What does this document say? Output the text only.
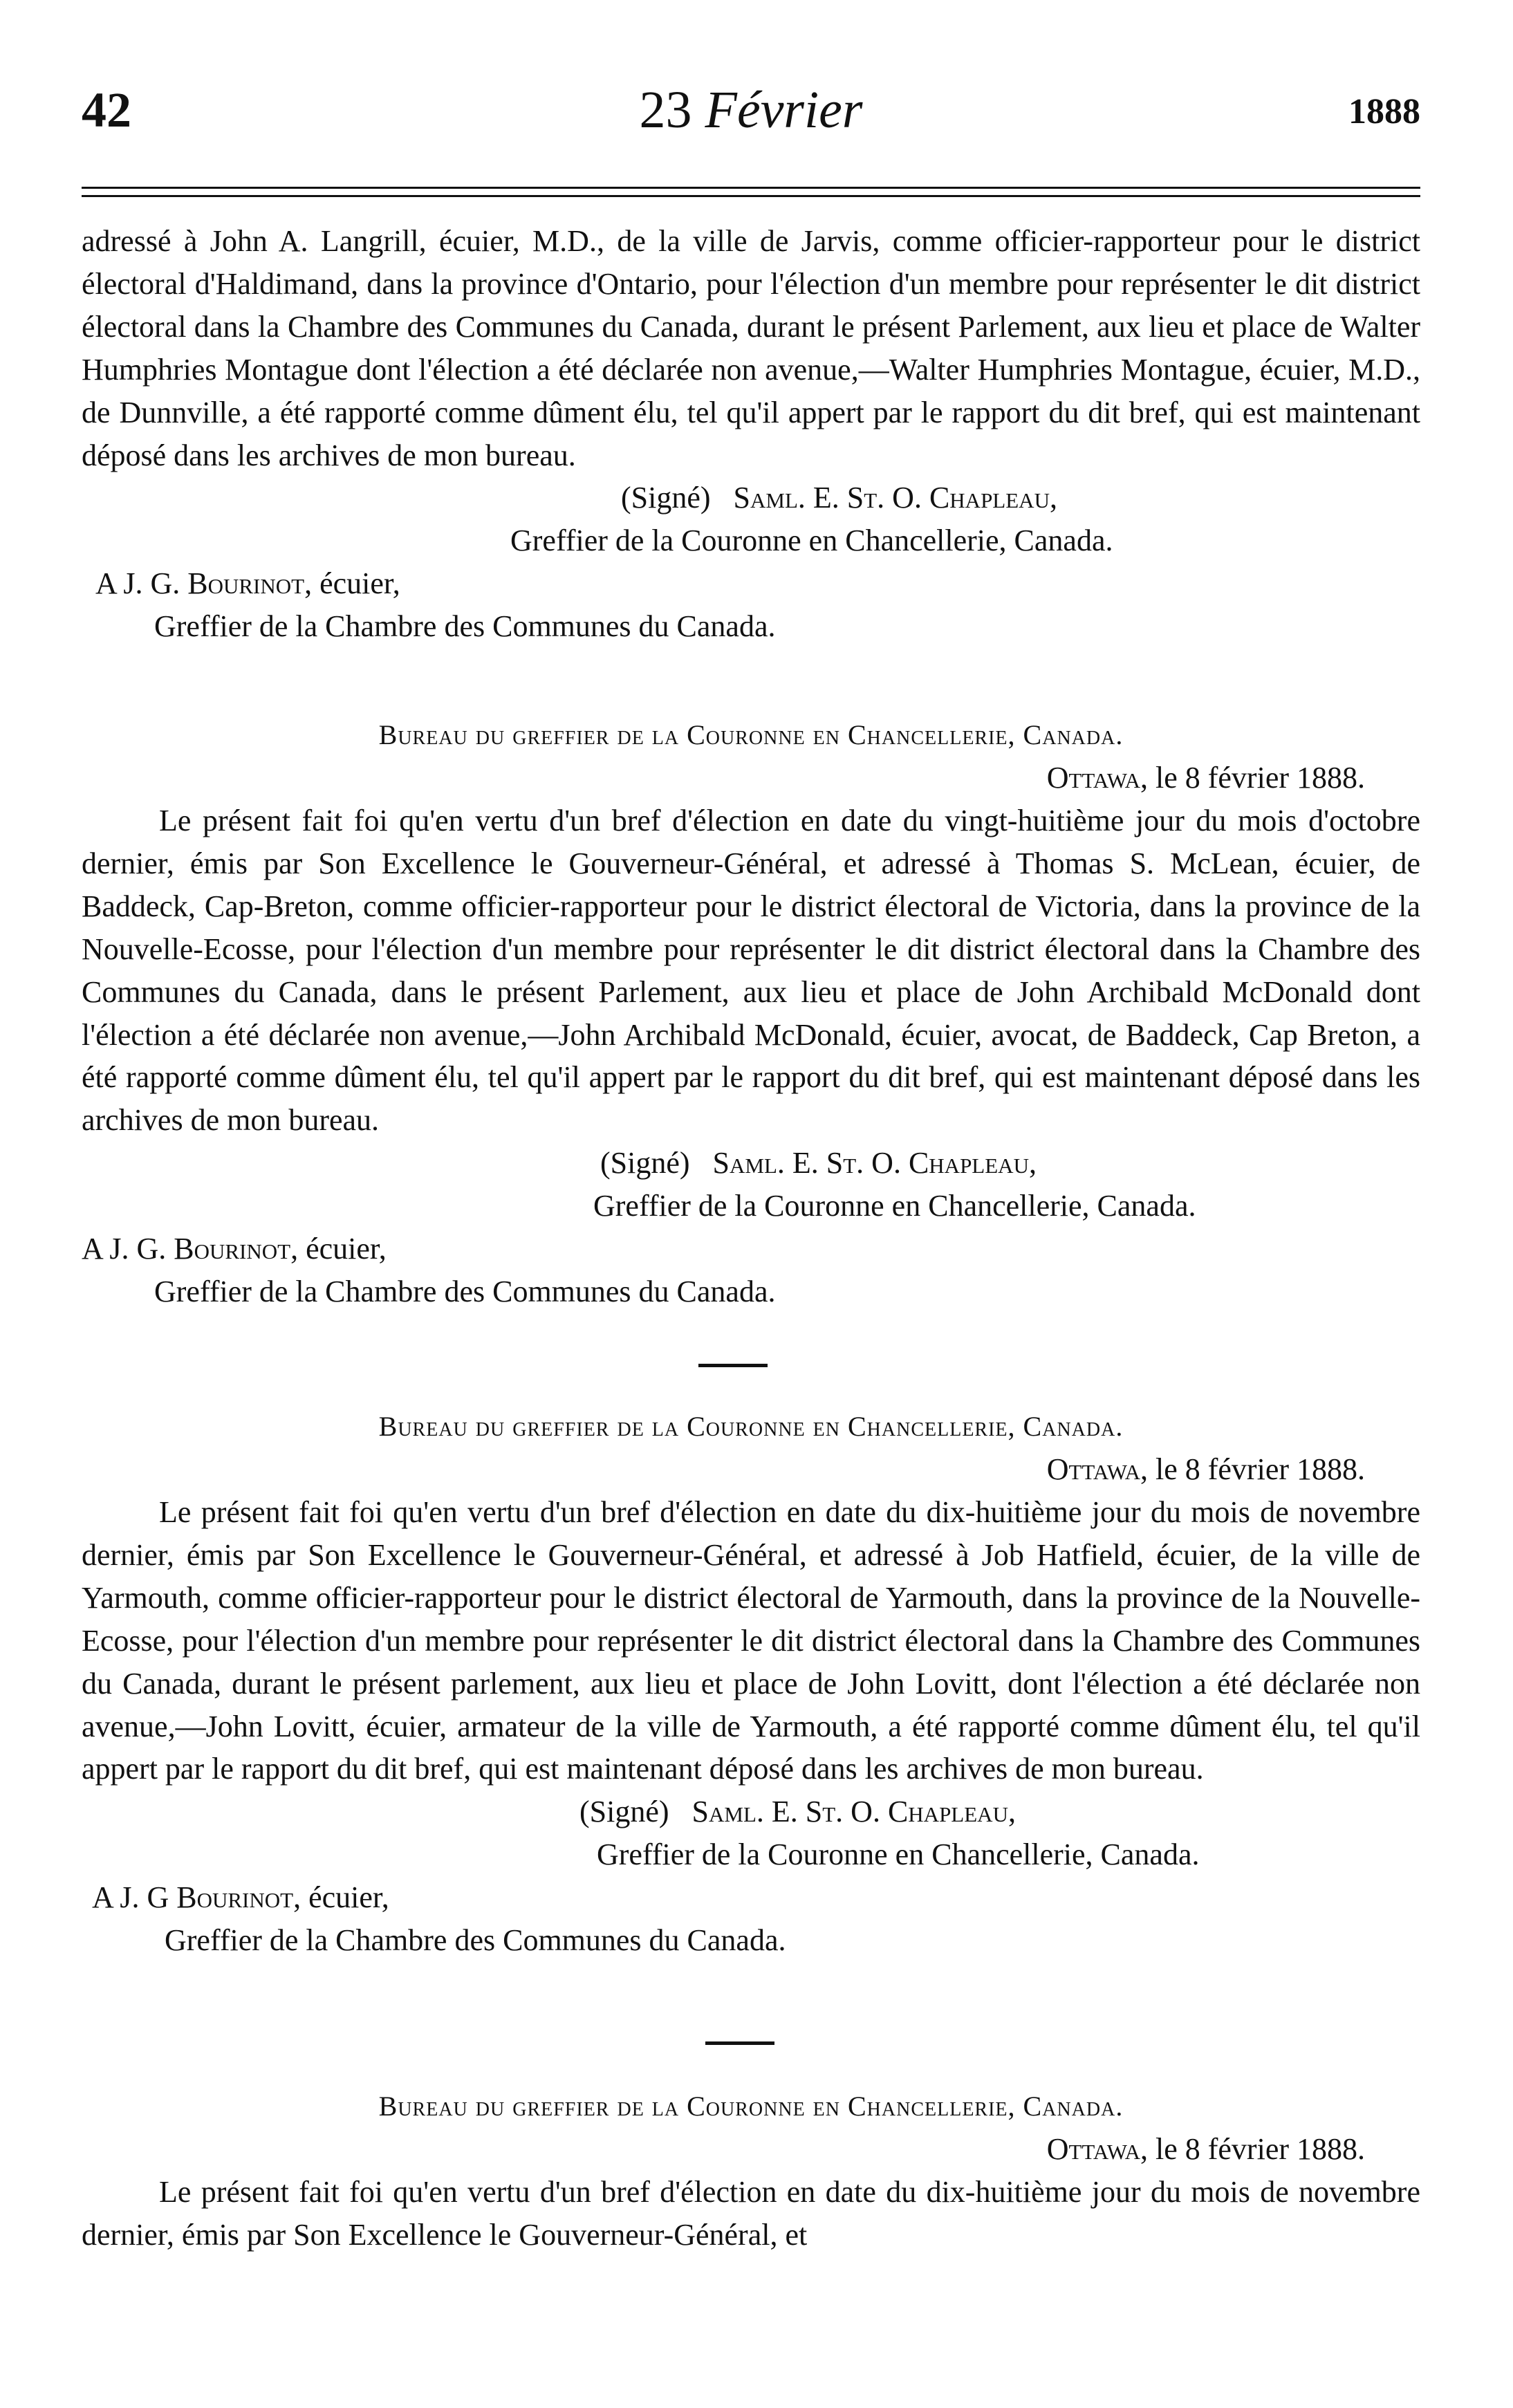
42	23 Février	1888

adressé à John A. Langrill, écuier, M.D., de la ville de Jarvis, comme officier-rapporteur pour le district électoral d'Haldimand, dans la province d'Ontario, pour l'élection d'un membre pour représenter le dit district électoral dans la Chambre des Communes du Canada, durant le présent Parlement, aux lieu et place de Walter Humphries Montague dont l'élection a été déclarée non avenue,—Walter Humphries Montague, écuier, M.D., de Dunnville, a été rapporté comme dûment élu, tel qu'il appert par le rapport du dit bref, qui est maintenant déposé dans les archives de mon bureau.

(Signé) Saml. E. St. O. Chapleau,

Greffier de la Couronne en Chancellerie, Canada.

A J. G. Bourinot, écuier,

Greffier de la Chambre des Communes du Canada.

Bureau du greffier de la Couronne en Chancellerie, Canada.

Ottawa, le 8 février 1888.

Le présent fait foi qu'en vertu d'un bref d'élection en date du vingt-huitième jour du mois d'octobre dernier, émis par Son Excellence le Gouverneur-Général, et adressé à Thomas S. McLean, écuier, de Baddeck, Cap-Breton, comme officier-rapporteur pour le district électoral de Victoria, dans la province de la Nouvelle-Ecosse, pour l'élection d'un membre pour représenter le dit district électoral dans la Chambre des Communes du Canada, dans le présent Parlement, aux lieu et place de John Archibald McDonald dont l'élection a été déclarée non avenue,—John Archibald McDonald, écuier, avocat, de Baddeck, Cap Breton, a été rapporté comme dûment élu, tel qu'il appert par le rapport du dit bref, qui est maintenant déposé dans les archives de mon bureau.

(Signé) Saml. E. St. O. Chapleau,

Greffier de la Couronne en Chancellerie, Canada.

A J. G. Bourinot, écuier,

Greffier de la Chambre des Communes du Canada.

Bureau du greffier de la Couronne en Chancellerie, Canada.

Ottawa, le 8 février 1888.

Le présent fait foi qu'en vertu d'un bref d'élection en date du dix-huitième jour du mois de novembre dernier, émis par Son Excellence le Gouverneur-Général, et adressé à Job Hatfield, écuier, de la ville de Yarmouth, comme officier-rapporteur pour le district électoral de Yarmouth, dans la province de la Nouvelle-Ecosse, pour l'élection d'un membre pour représenter le dit district électoral dans la Chambre des Communes du Canada, durant le présent parlement, aux lieu et place de John Lovitt, dont l'élection a été déclarée non avenue,—John Lovitt, écuier, armateur de la ville de Yarmouth, a été rapporté comme dûment élu, tel qu'il appert par le rapport du dit bref, qui est maintenant déposé dans les archives de mon bureau.

(Signé) Saml. E. St. O. Chapleau,

Greffier de la Couronne en Chancellerie, Canada.

A J. G Bourinot, écuier,

Greffier de la Chambre des Communes du Canada.

Bureau du greffier de la Couronne en Chancellerie, Canada.

Ottawa, le 8 février 1888.

Le présent fait foi qu'en vertu d'un bref d'élection en date du dix-huitième jour du mois de novembre dernier, émis par Son Excellence le Gouverneur-Général, et
